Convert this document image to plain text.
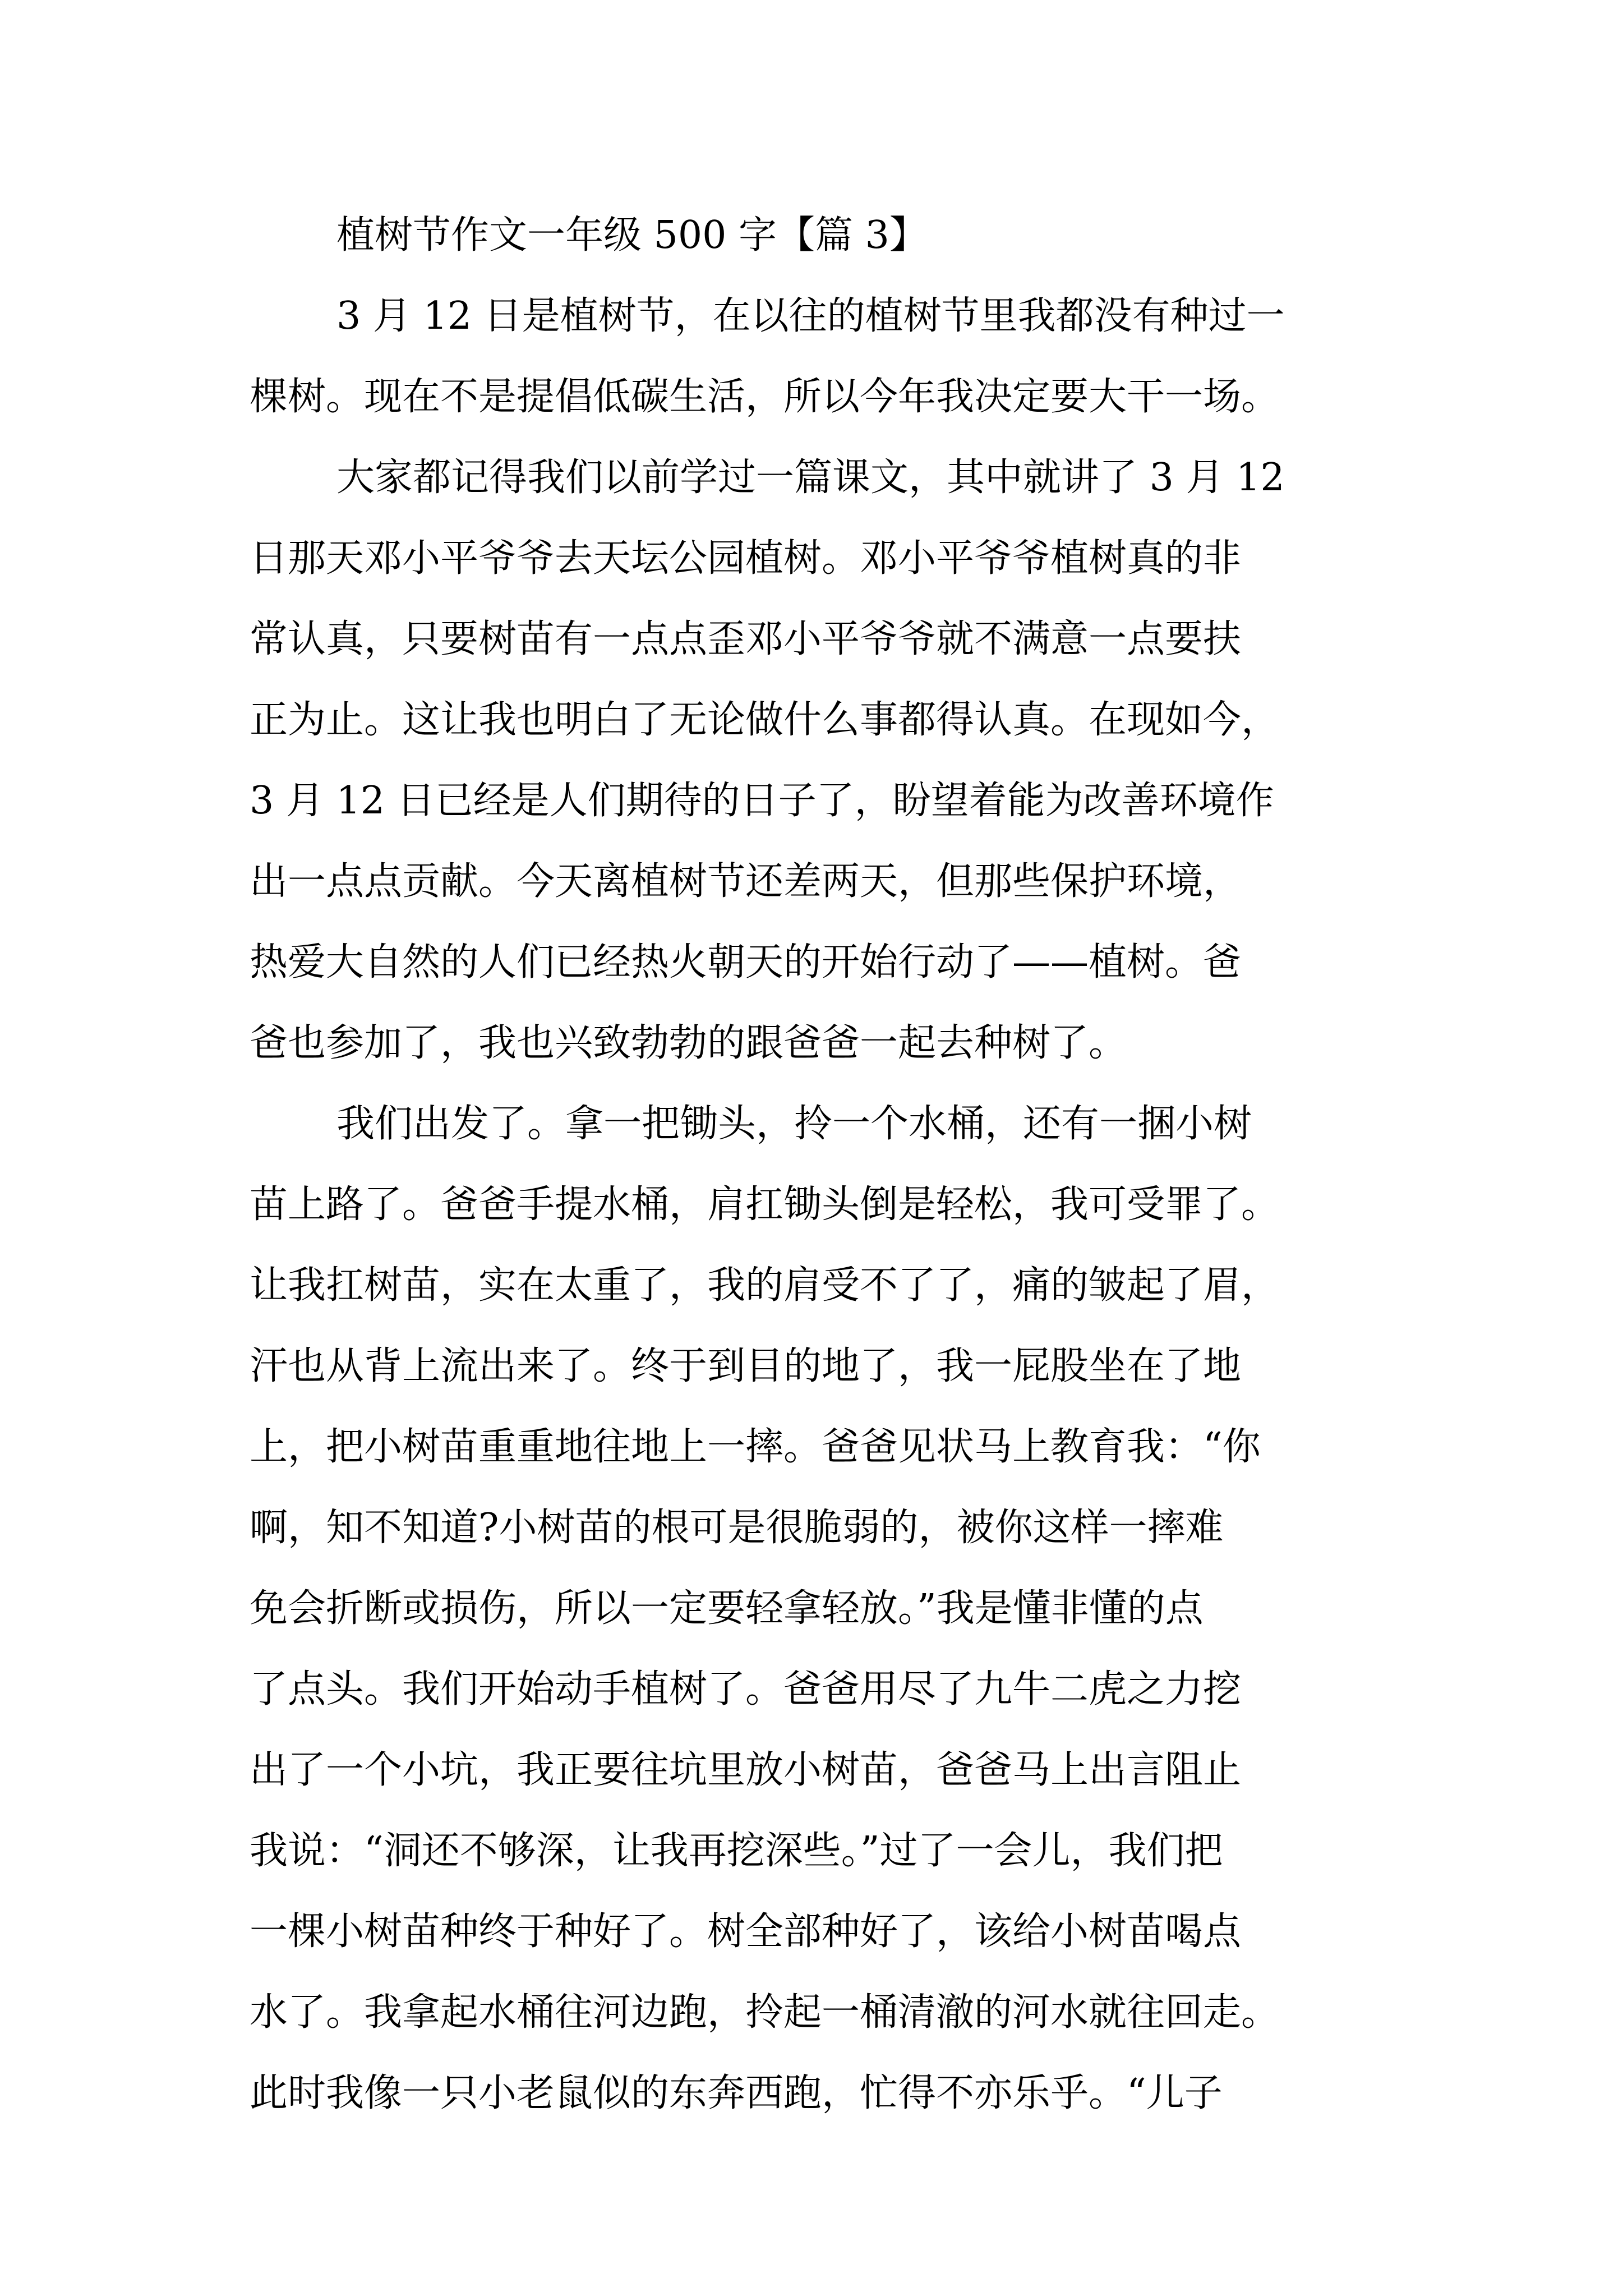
植树节作文一年级 500 字【篇 3】
3 月 12 日是植树节，在以往的植树节里我都没有种过一
棵树。现在不是提倡低碳生活，所以今年我决定要大干一场。
大家都记得我们以前学过一篇课文，其中就讲了 3 月 12
日那天邓小平爷爷去天坛公园植树。邓小平爷爷植树真的非
常认真，只要树苗有一点点歪邓小平爷爷就不满意一点要扶
正为止。这让我也明白了无论做什么事都得认真。在现如今，
3 月 12 日已经是人们期待的日子了，盼望着能为改善环境作
出一点点贡献。今天离植树节还差两天，但那些保护环境，
热爱大自然的人们已经热火朝天的开始行动了——植树。爸
爸也参加了，我也兴致勃勃的跟爸爸一起去种树了。
我们出发了。拿一把锄头，拎一个水桶，还有一捆小树
苗上路了。爸爸手提水桶，肩扛锄头倒是轻松，我可受罪了。
让我扛树苗，实在太重了，我的肩受不了了，痛的皱起了眉，
汗也从背上流出来了。终于到目的地了，我一屁股坐在了地
上，把小树苗重重地往地上一摔。爸爸见状马上教育我：“你
啊，知不知道?小树苗的根可是很脆弱的，被你这样一摔难
免会折断或损伤，所以一定要轻拿轻放。”我是懂非懂的点
了点头。我们开始动手植树了。爸爸用尽了九牛二虎之力挖
出了一个小坑，我正要往坑里放小树苗，爸爸马上出言阻止
我说：“洞还不够深，让我再挖深些。”过了一会儿，我们把
一棵小树苗种终于种好了。树全部种好了，该给小树苗喝点
水了。我拿起水桶往河边跑，拎起一桶清澈的河水就往回走。
此时我像一只小老鼠似的东奔西跑，忙得不亦乐乎。“儿子
